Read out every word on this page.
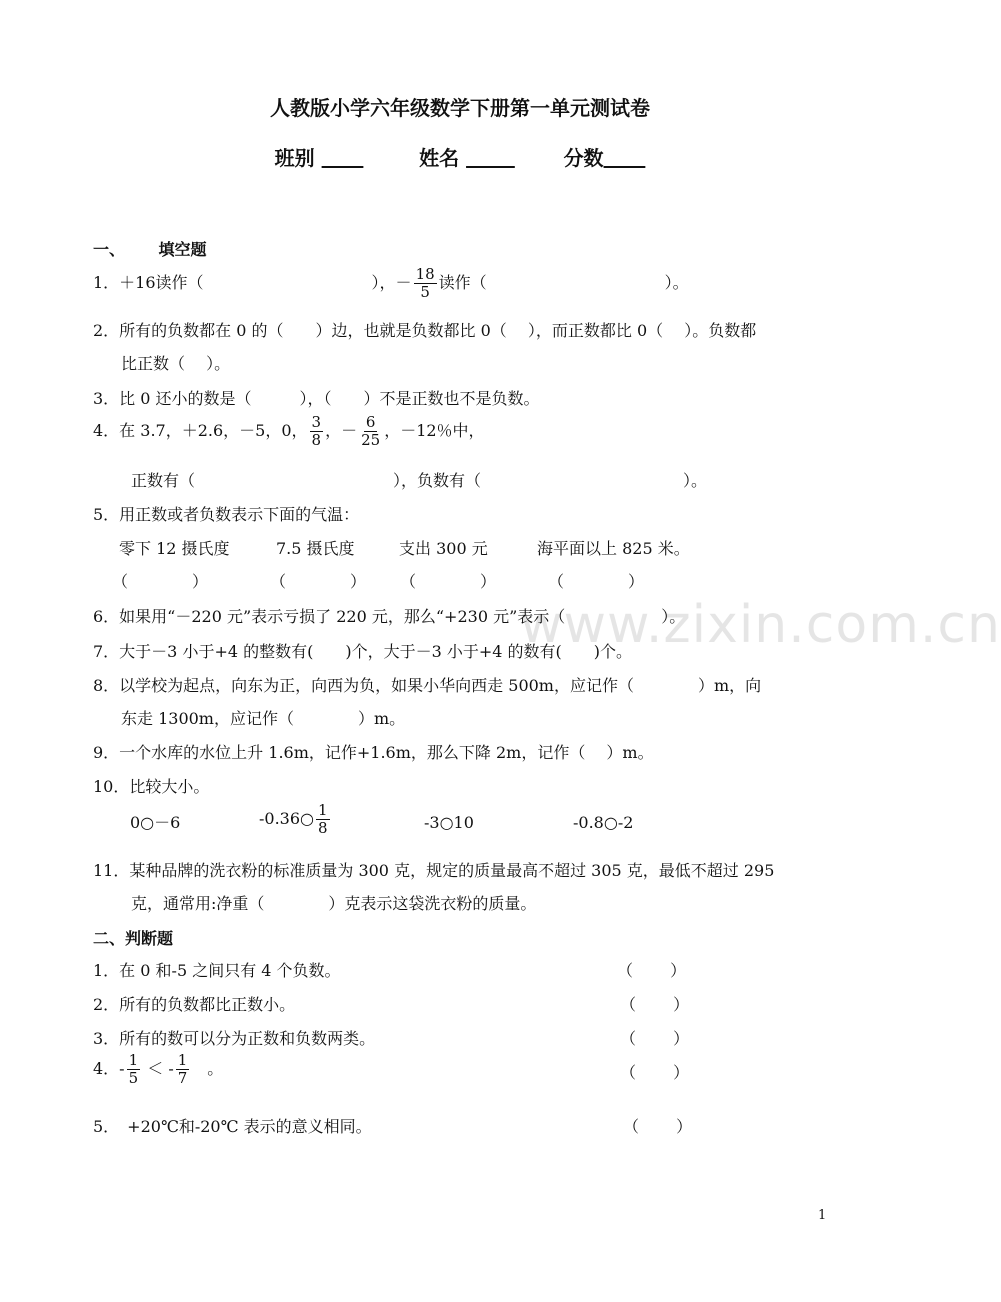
人教版小学六年级数学下册第一单元测试卷
班别	姓名	分数
一、 填空题
1．＋16读作（	），－ $\frac{18}{5}$ 读作（	）。
2．所有的负数都在 0 的（　　）边，也就是负数都比 0（　 ），而正数都比 0（　 ）。负数都
比正数（　 ）。
3．比 0 还小的数是（　　　），（　　）不是正数也不是负数。
4．在 3.7，＋2.6，－5，0， $\frac{3}{8}$ ，－ $\frac{6}{25}$ ，－12％中，
正数有（	），负数有（	）。
5．用正数或者负数表示下面的气温：
零下 12 摄氏度	7.5 摄氏度	支出 300 元	海平面以上 825 米。
（　　　　）	（　　　　） （　　　　）	（　　　　）
6．如果用“－220 元”表示亏损了 220 元，那么“+230 元”表示（　　　　　　）。
7．大于－3 小于+4 的整数有(　　)个，大于－3 小于+4 的数有(　　)个。
8．以学校为起点，向东为正，向西为负，如果小华向西走 500m，应记作（　　　　）m，向
东走 1300m，应记作（　　　　）m。
9．一个水库的水位上升 1.6m，记作+1.6m，那么下降 2m，记作（　 ）m。
10．比较大小。
0○－6	-0.36○ $\frac{1}{8}$	-3○10	-0.8○-2
11．某种品牌的洗衣粉的标准质量为 300 克，规定的质量最高不超过 305 克，最低不超过 295
克，通常用:净重（　　　　）克表示这袋洗衣粉的质量。
二、判断题
1．在 0 和-5 之间只有 4 个负数。	（　　 ）
2．所有的负数都比正数小。	（　　 ）
3．所有的数可以分为正数和负数两类。	（　　 ）
4．- $\frac{1}{5}$ ＜ - $\frac{1}{7}$ 　。	（　　 ）
5．　+20℃和-20℃ 表示的意义相同。	（　　 ）
www.zixin.com.cn
1
